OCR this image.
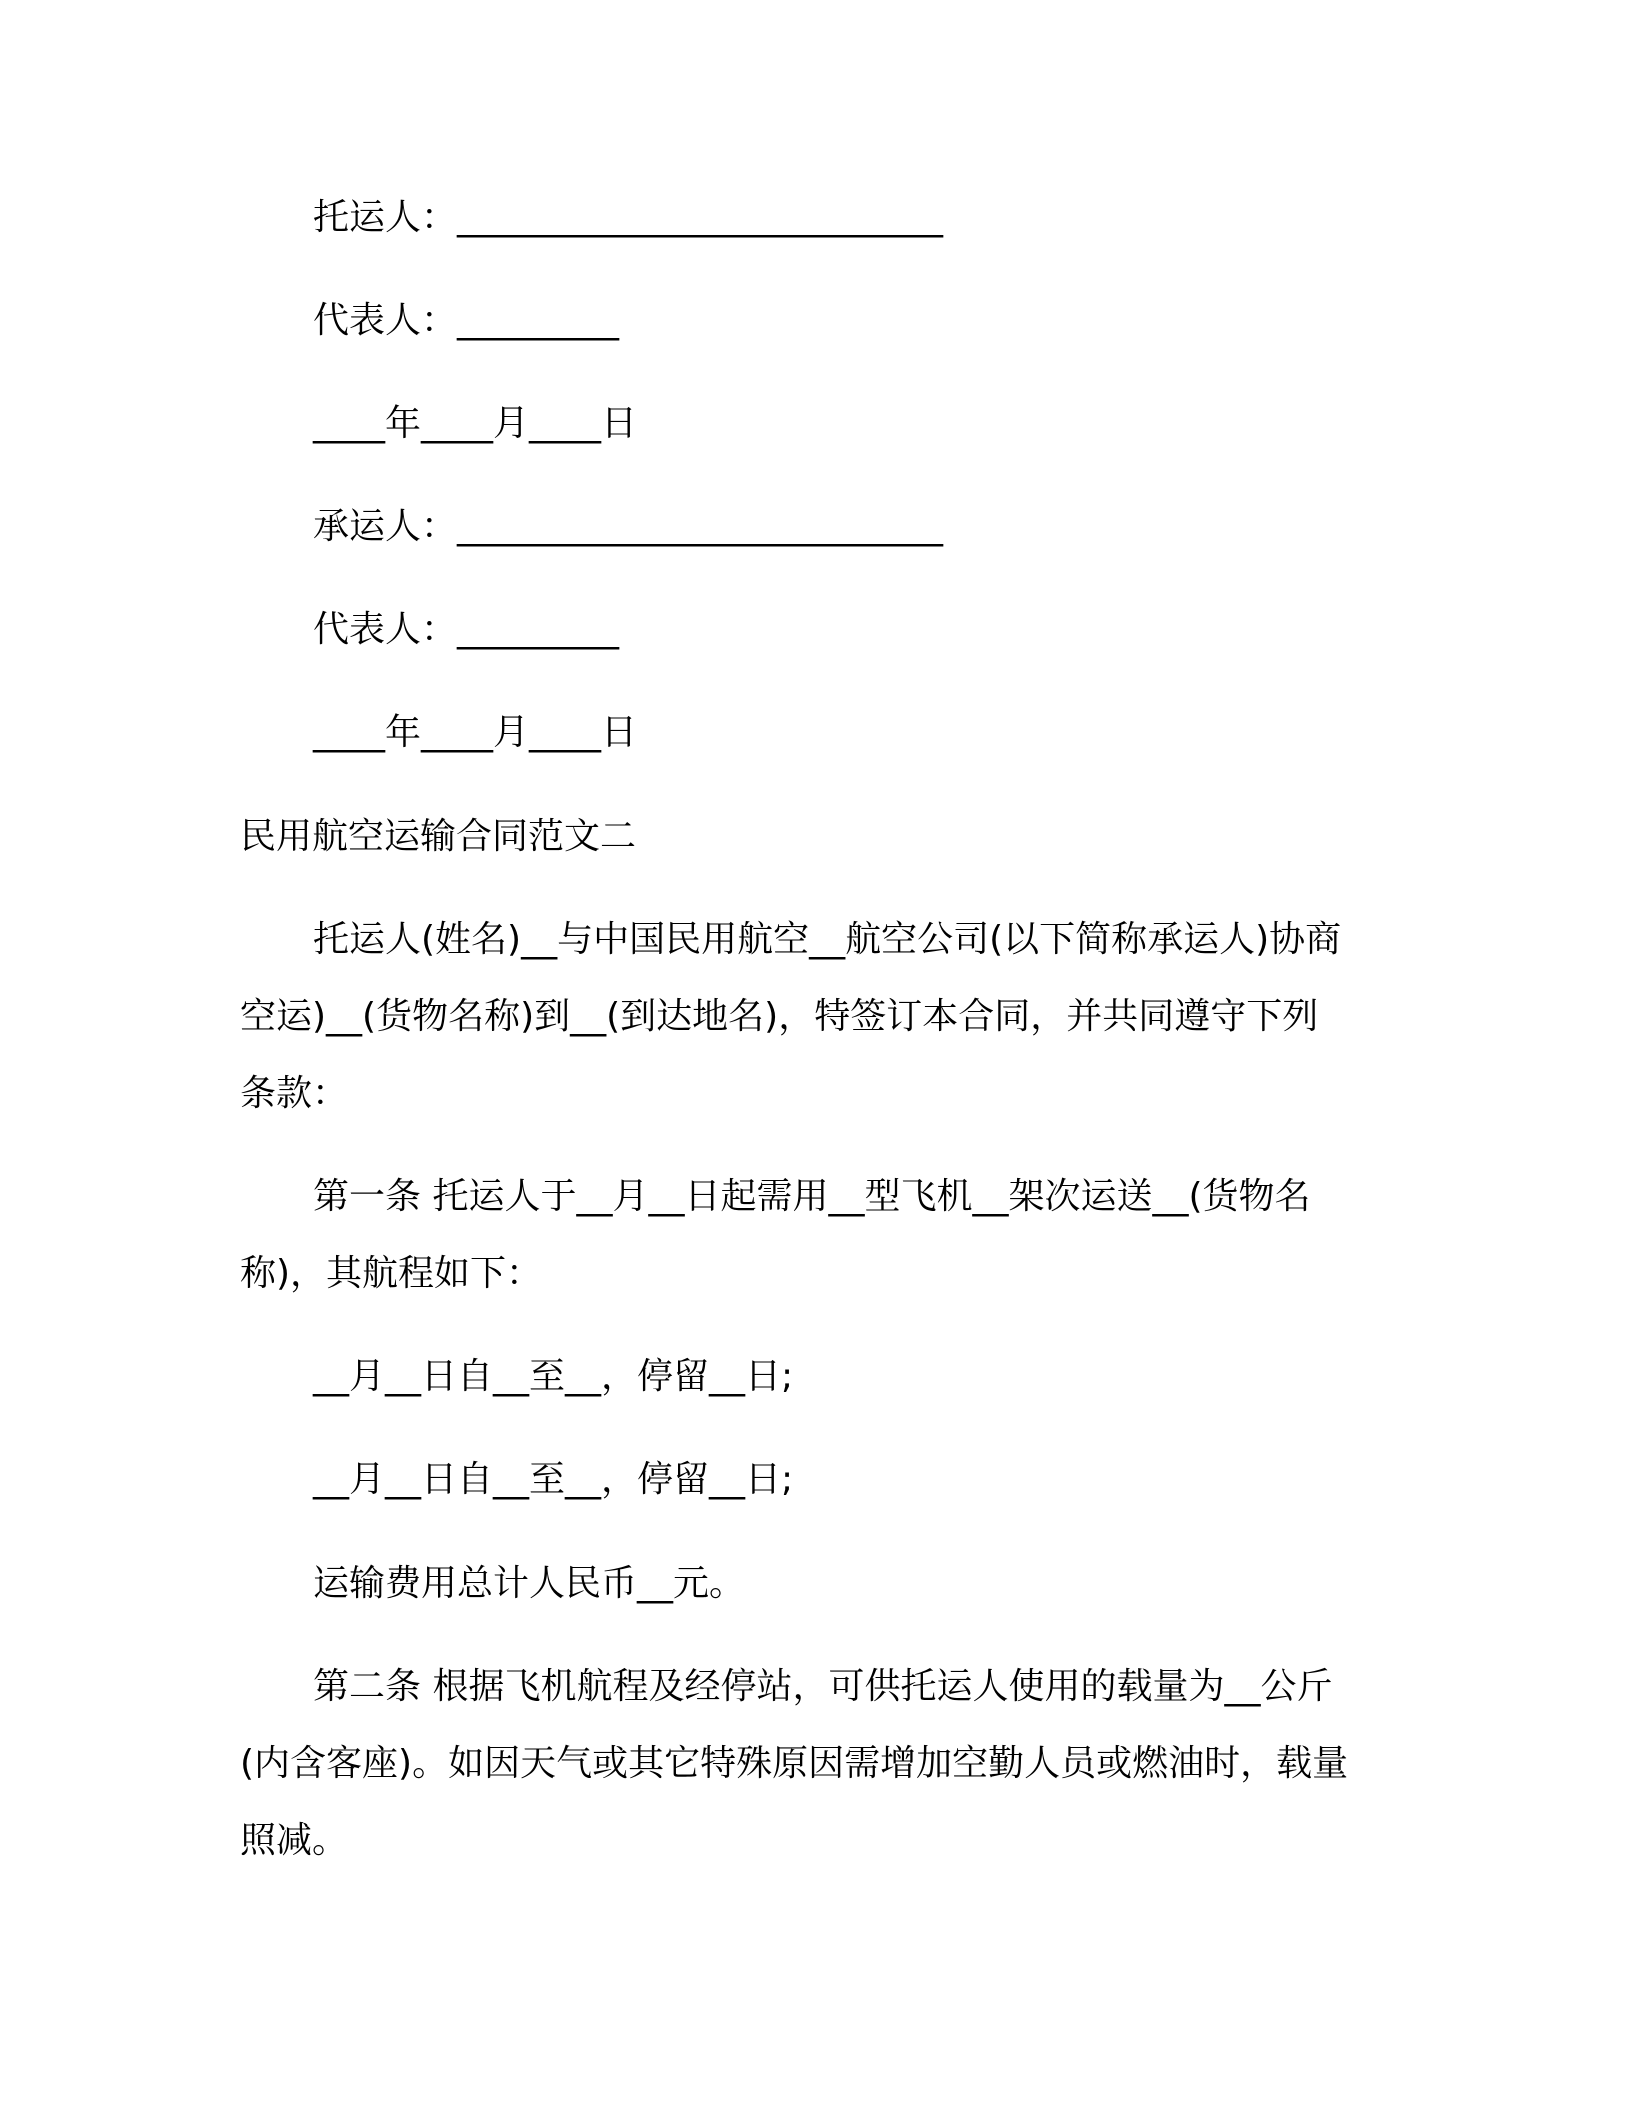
托运人：___________________________

代表人：_________

____年____月____日

承运人：___________________________

代表人：_________

____年____月____日

民用航空运输合同范文二

托运人(姓名)__与中国民用航空__航空公司(以下简称承运人)协商

空运)__(货物名称)到__(到达地名)，特签订本合同，并共同遵守下列

条款：

第一条 托运人于__月__日起需用__型飞机__架次运送__(货物名

称)，其航程如下：

__月__日自__至__，停留__日;

__月__日自__至__，停留__日;

运输费用总计人民币__元。

第二条 根据飞机航程及经停站，可供托运人使用的载量为__公斤

(内含客座)。如因天气或其它特殊原因需增加空勤人员或燃油时，载量

照减。
